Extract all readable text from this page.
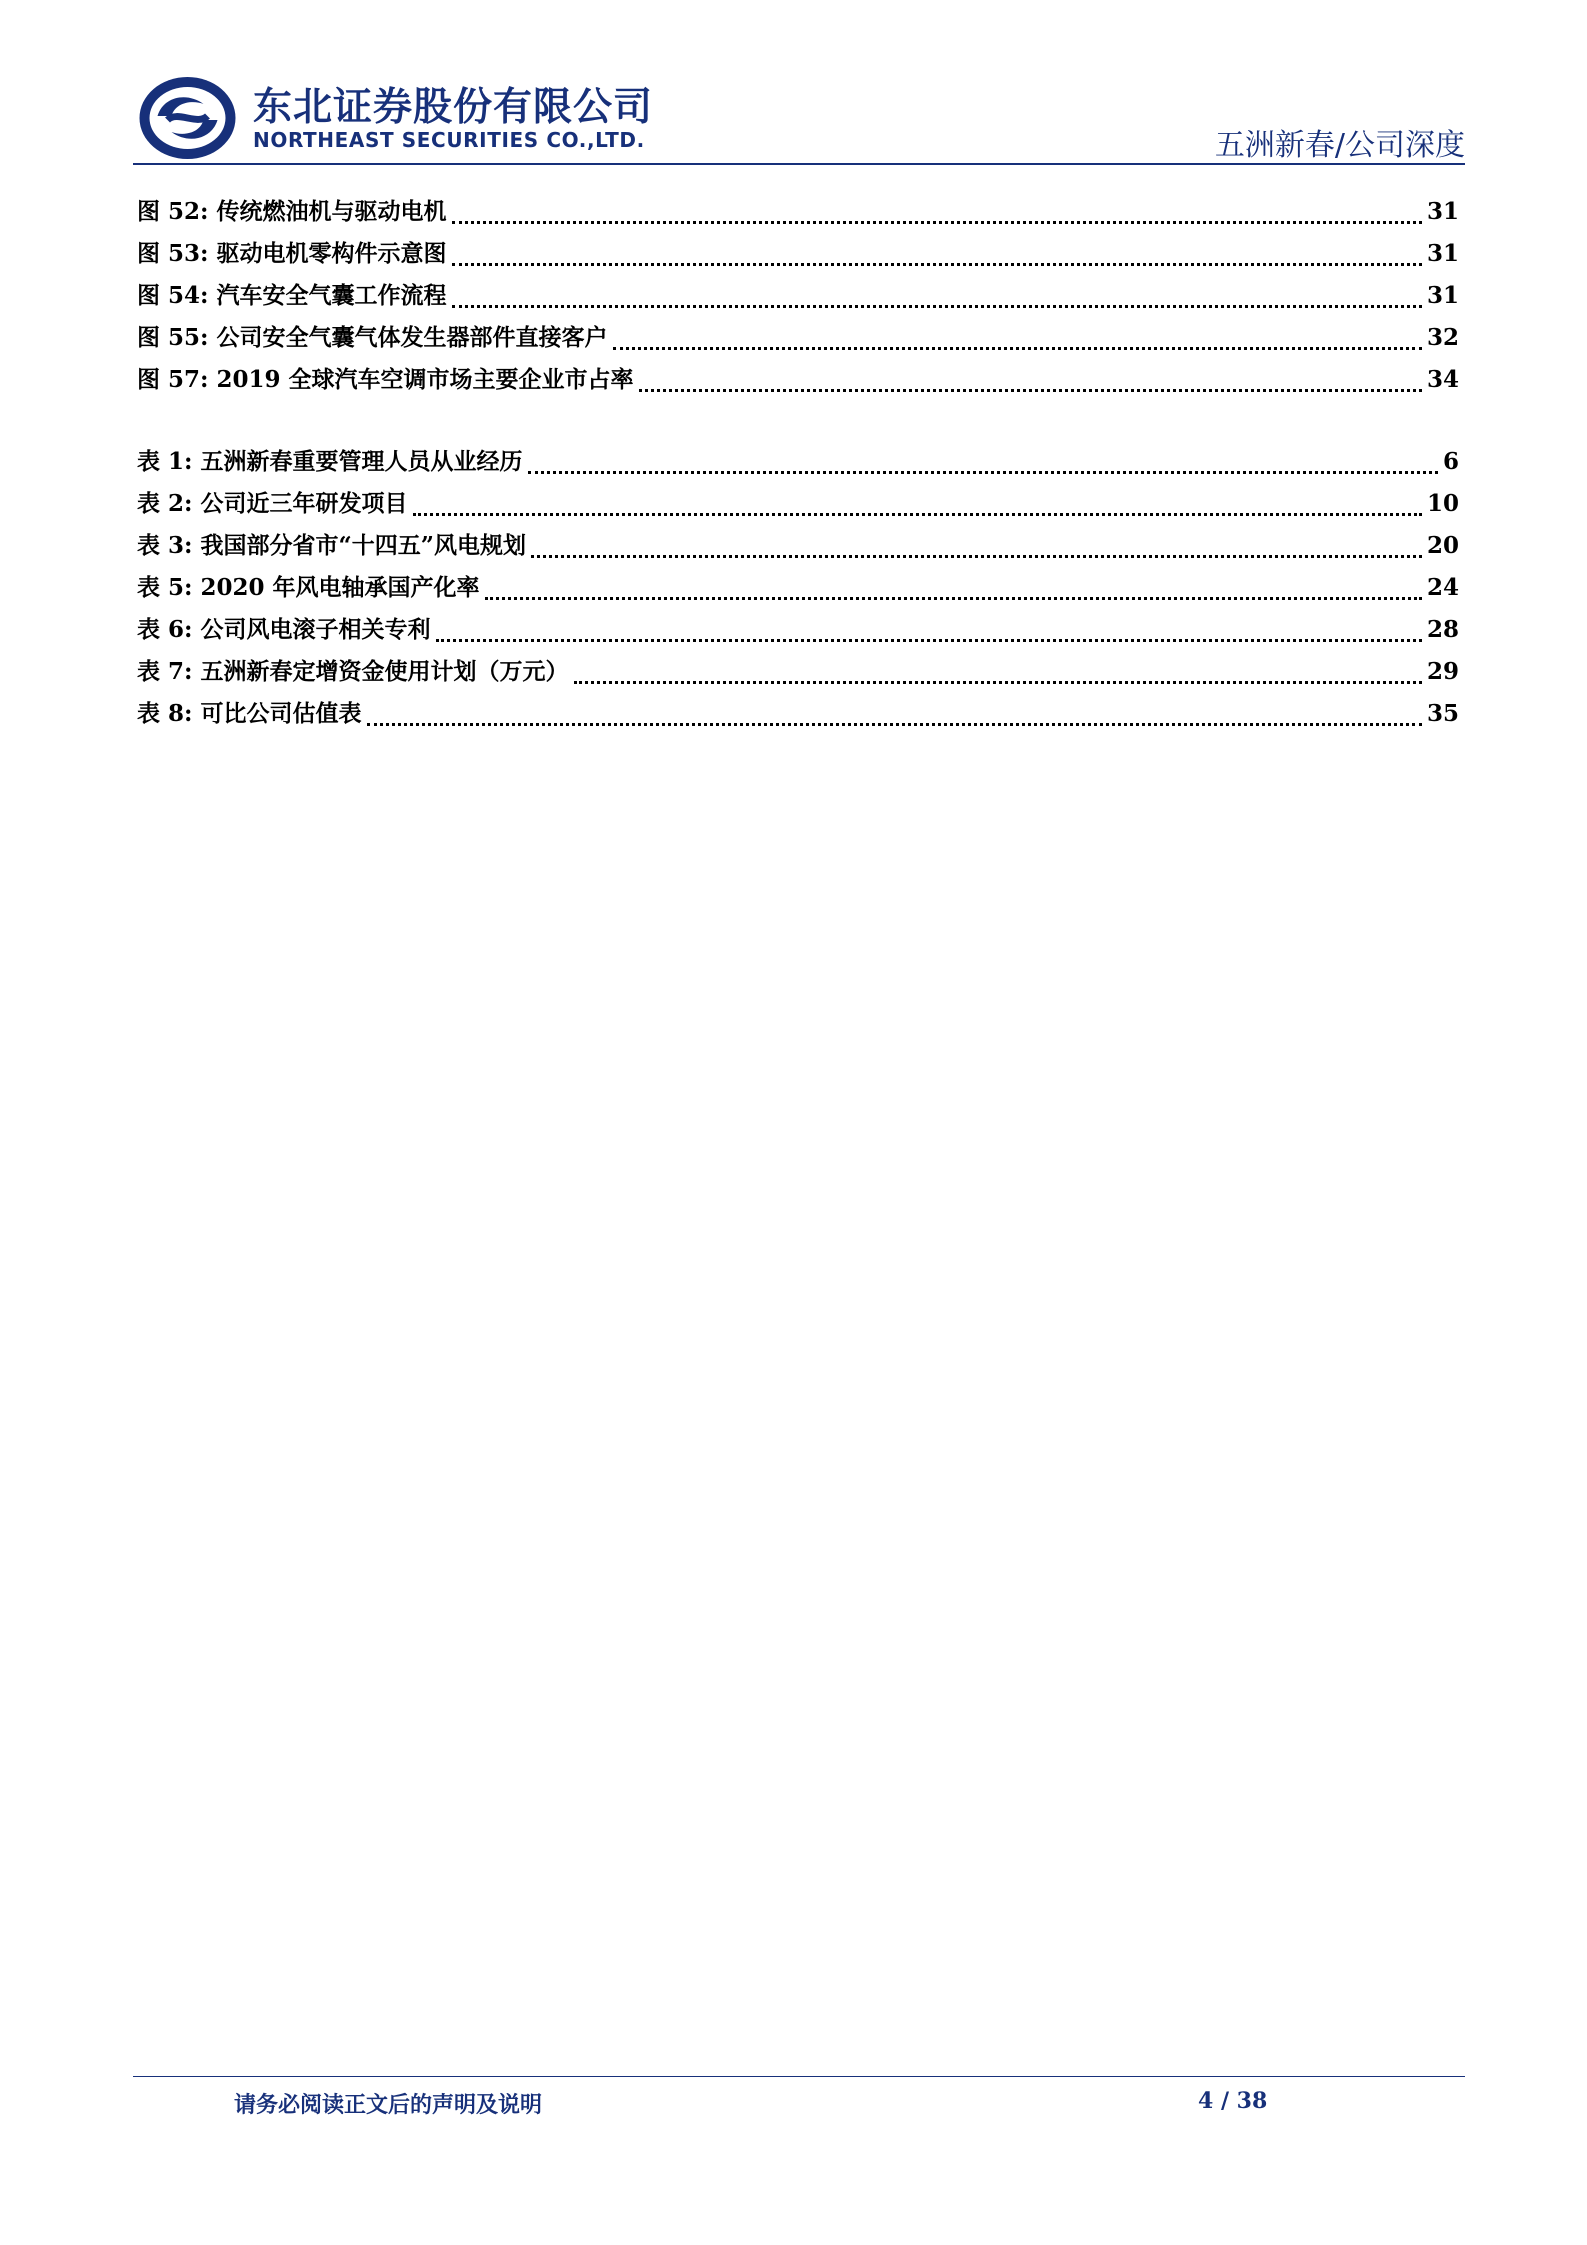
东北证券股份有限公司
NORTHEAST SECURITIES CO.,LTD.	五洲新春/公司深度
图 52: 传统燃油机与驱动电机	31
图 53: 驱动电机零构件示意图	31
图 54: 汽车安全气囊工作流程	31
图 55: 公司安全气囊气体发生器部件直接客户	32
图 57: 2019 全球汽车空调市场主要企业市占率	34
表 1: 五洲新春重要管理人员从业经历	6
表 2: 公司近三年研发项目	10
表 3: 我国部分省市“十四五”风电规划	20
表 5: 2020 年风电轴承国产化率	24
表 6: 公司风电滚子相关专利	28
表 7: 五洲新春定增资金使用计划（万元）	29
表 8: 可比公司估值表	35
请务必阅读正文后的声明及说明	4 / 38
